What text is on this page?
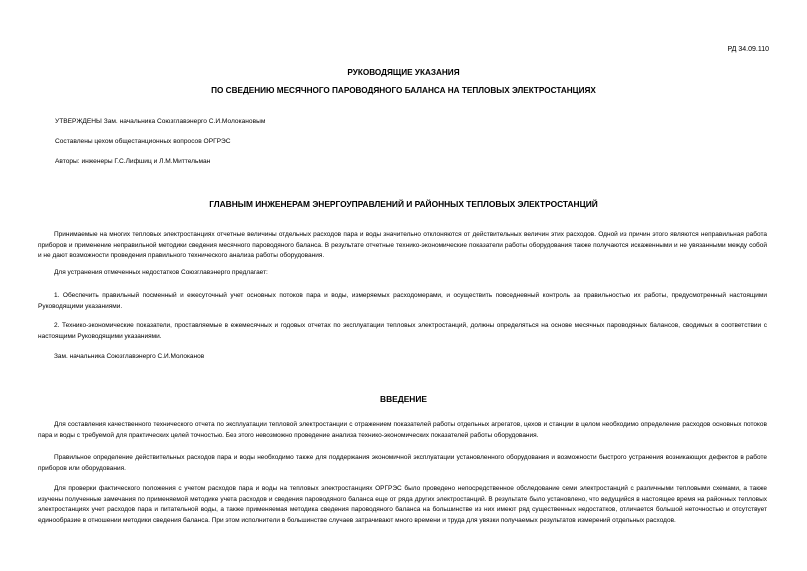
РД 34.09.110
РУКОВОДЯЩИЕ УКАЗАНИЯ
ПО СВЕДЕНИЮ МЕСЯЧНОГО ПАРОВОДЯНОГО БАЛАНСА НА ТЕПЛОВЫХ ЭЛЕКТРОСТАНЦИЯХ
УТВЕРЖДЕНЫ Зам. начальника Союзглавэнерго С.И.Молокановым
Составлены цехом общестанционных вопросов ОРГРЭС
Авторы: инженеры Г.С.Лифшиц и Л.М.Миттельман
ГЛАВНЫМ ИНЖЕНЕРАМ ЭНЕРГОУПРАВЛЕНИЙ И РАЙОННЫХ ТЕПЛОВЫХ ЭЛЕКТРОСТАНЦИЙ

Принимаемые на многих тепловых электростанциях отчетные величины отдельных расходов пара и воды значительно отклоняются от действительных величин этих расходов. Одной из причин этого являются неправильная работа приборов и применение неправильной методики сведения месячного пароводяного баланса. В результате отчетные технико-экономические показатели работы оборудования также получаются искаженными и не увязанными между собой и не дают возможности проведения правильного технического анализа работы оборудования.

Для устранения отмеченных недостатков Союзглавэнерго предлагает:

1. Обеспечить правильный посменный и ежесуточный учет основных потоков пара и воды, измеряемых расходомерами, и осуществить повседневный контроль за правильностью их работы, предусмотренный настоящими Руководящими указаниями.

2. Технико-экономические показатели, проставляемые в ежемесячных и годовых отчетах по эксплуатации тепловых электростанций, должны определяться на основе месячных пароводяных балансов, сводимых в соответствии с настоящими Руководящими указаниями.

Зам. начальника Союзглавэнерго С.И.Молоканов

ВВЕДЕНИЕ

Для составления качественного технического отчета по эксплуатации тепловой электростанции с отражением показателей работы отдельных агрегатов, цехов и станции в целом необходимо определение расходов основных потоков пара и воды с требуемой для практических целей точностью. Без этого невозможно проведение анализа технико-экономических показателей работы оборудования.

Правильное определение действительных расходов пара и воды необходимо также для поддержания экономичной эксплуатации установленного оборудования и возможности быстрого устранения возникающих дефектов в работе приборов или оборудования.

Для проверки фактического положения с учетом расходов пара и воды на тепловых электростанциях ОРГРЭС было проведено непосредственное обследование семи электростанций с различными тепловыми схемами, а также изучены полученные замечания по применяемой методике учета расходов и сведения пароводяного баланса еще от ряда других электростанций. В результате было установлено, что ведущийся в настоящее время на районных тепловых электростанциях учет расходов пара и питательной воды, а также применяемая методика сведения пароводяного баланса на большинстве из них имеют ряд существенных недостатков, отличается большой неточностью и отсутствует единообразие в отношении методики сведения баланса. При этом исполнители в большинстве случаев затрачивают много времени и труда для увязки получаемых результатов измерений отдельных расходов.
